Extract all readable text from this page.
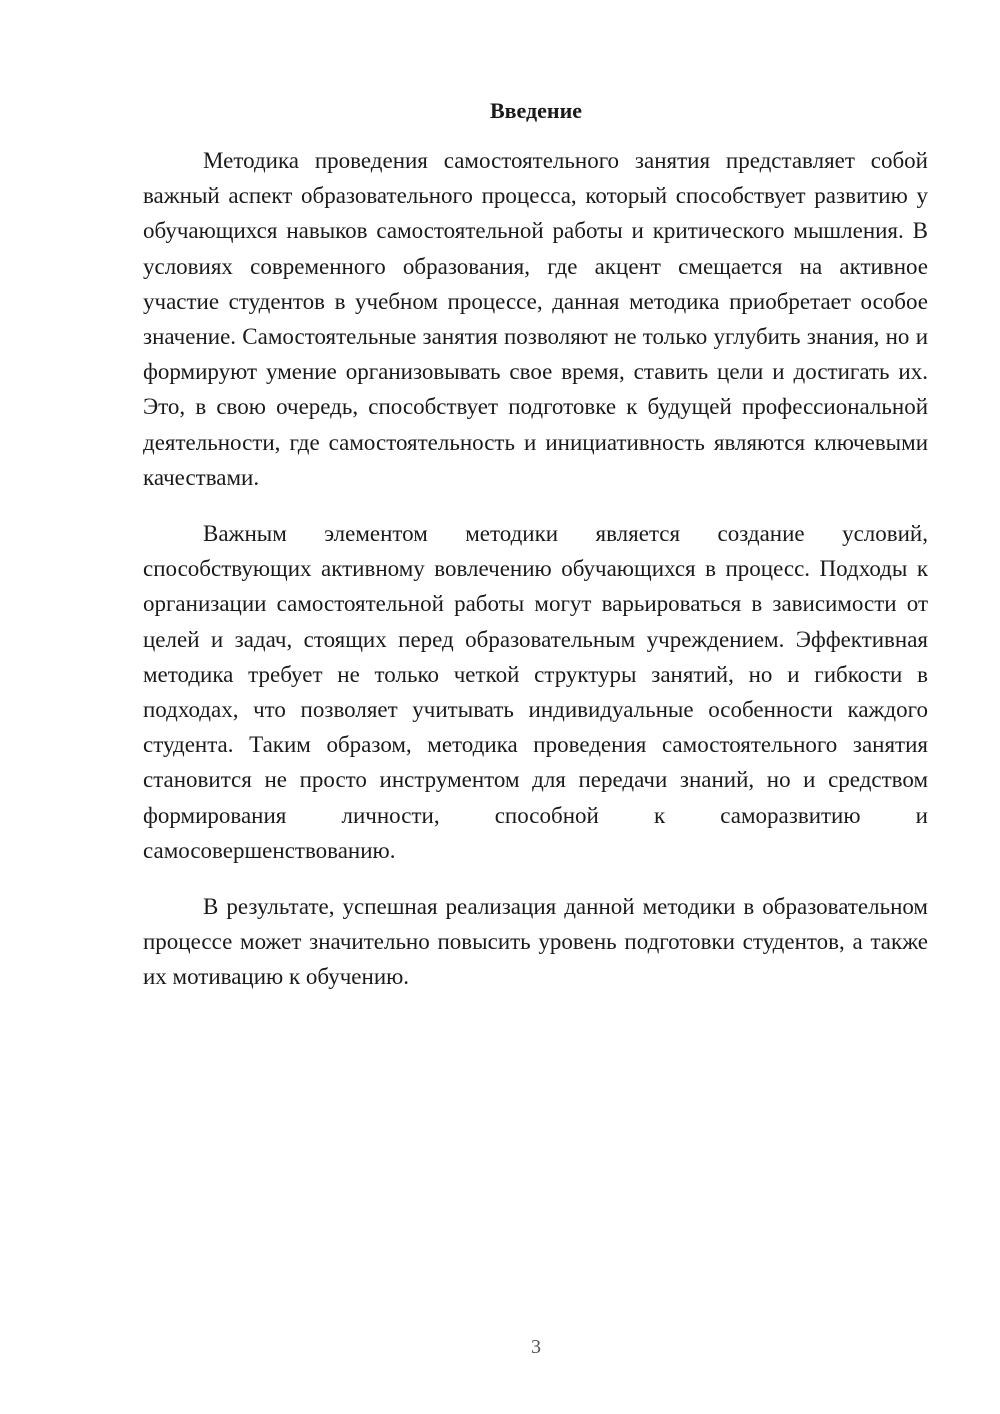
Введение

Методика проведения самостоятельного занятия представляет собой важный аспект образовательного процесса, который способствует развитию у обучающихся навыков самостоятельной работы и критического мышления. В условиях современного образования, где акцент смещается на активное участие студентов в учебном процессе, данная методика приобретает особое значение. Самостоятельные занятия позволяют не только углубить знания, но и формируют умение организовывать свое время, ставить цели и достигать их. Это, в свою очередь, способствует подготовке к будущей профессиональной деятельности, где самостоятельность и инициативность являются ключевыми качествами.

Важным элементом методики является создание условий, способствующих активному вовлечению обучающихся в процесс. Подходы к организации самостоятельной работы могут варьироваться в зависимости от целей и задач, стоящих перед образовательным учреждением. Эффективная методика требует не только четкой структуры занятий, но и гибкости в подходах, что позволяет учитывать индивидуальные особенности каждого студента. Таким образом, методика проведения самостоятельного занятия становится не просто инструментом для передачи знаний, но и средством формирования личности, способной к саморазвитию и самосовершенствованию.

В результате, успешная реализация данной методики в образовательном процессе может значительно повысить уровень подготовки студентов, а также их мотивацию к обучению.

3
